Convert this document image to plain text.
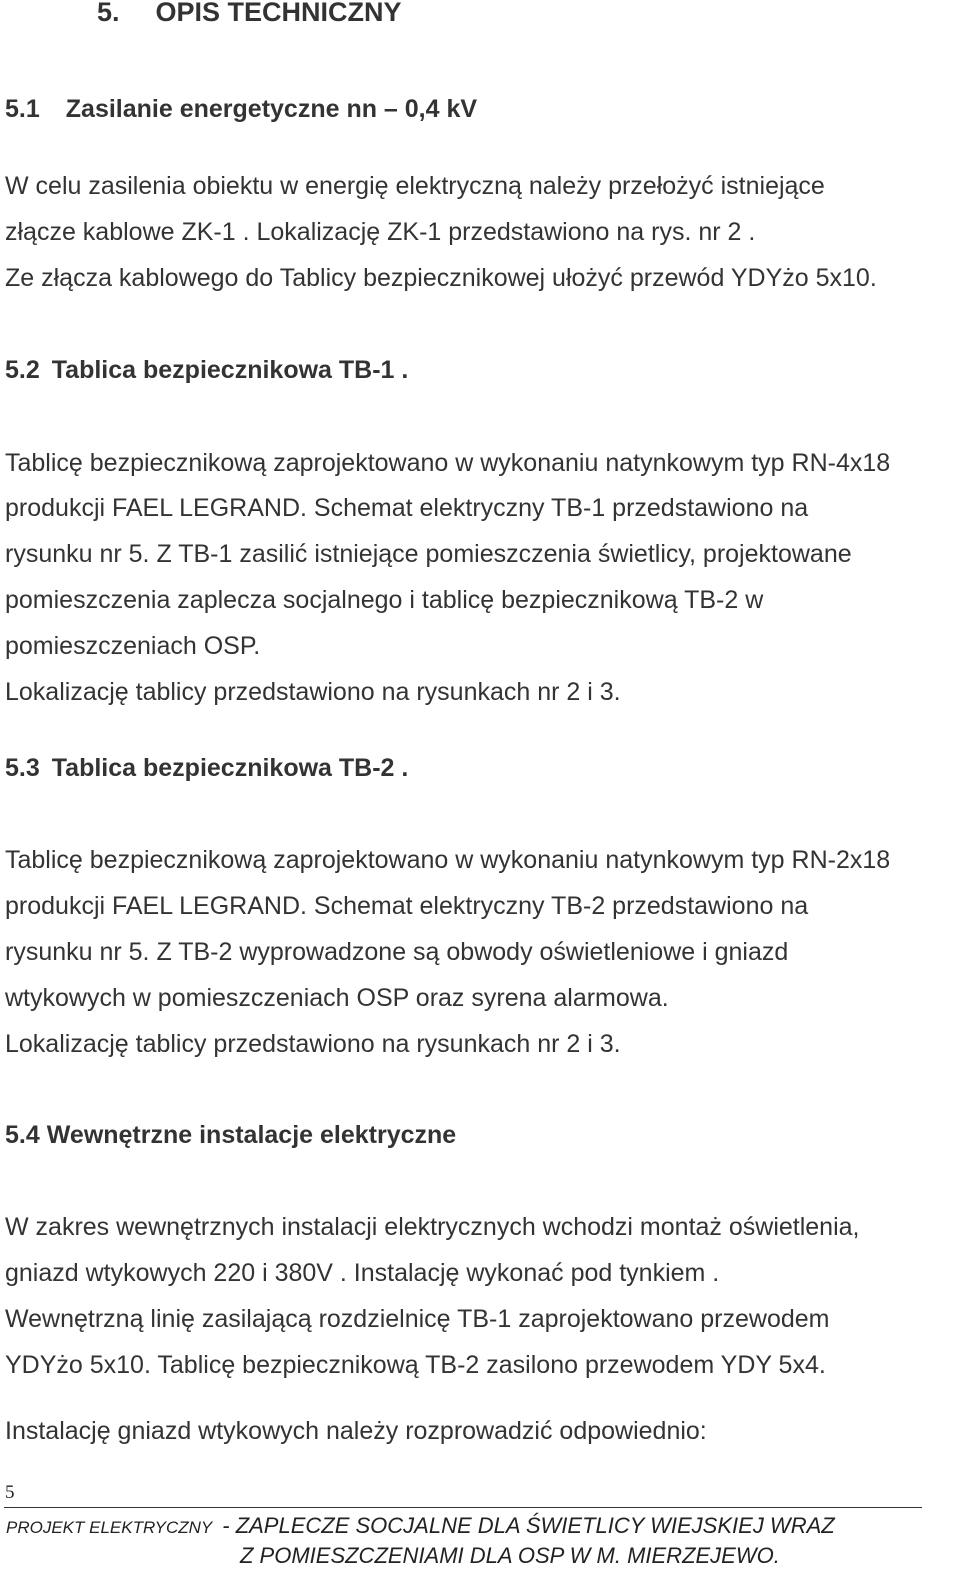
5. OPIS TECHNICZNY
5.1 Zasilanie energetyczne nn – 0,4 kV
W celu zasilenia obiektu w energię elektryczną należy przełożyć istniejące
złącze kablowe ZK-1 . Lokalizację ZK-1 przedstawiono na rys. nr 2 .
Ze złącza kablowego do Tablicy bezpiecznikowej ułożyć przewód YDYżo 5x10.
5.2 Tablica bezpiecznikowa TB-1 .
Tablicę bezpiecznikową zaprojektowano w wykonaniu natynkowym typ RN-4x18
produkcji FAEL LEGRAND. Schemat elektryczny TB-1 przedstawiono na
rysunku nr 5. Z TB-1 zasilić istniejące pomieszczenia świetlicy, projektowane
pomieszczenia zaplecza socjalnego i tablicę bezpiecznikową TB-2 w
pomieszczeniach OSP.
Lokalizację tablicy przedstawiono na rysunkach nr 2 i 3.
5.3 Tablica bezpiecznikowa TB-2 .
Tablicę bezpiecznikową zaprojektowano w wykonaniu natynkowym typ RN-2x18
produkcji FAEL LEGRAND. Schemat elektryczny TB-2 przedstawiono na
rysunku nr 5. Z TB-2 wyprowadzone są obwody oświetleniowe i gniazd
wtykowych w pomieszczeniach OSP oraz syrena alarmowa.
Lokalizację tablicy przedstawiono na rysunkach nr 2 i 3.
5.4 Wewnętrzne instalacje elektryczne
W zakres wewnętrznych instalacji elektrycznych wchodzi montaż oświetlenia,
gniazd wtykowych 220 i 380V . Instalację wykonać pod tynkiem .
Wewnętrzną linię zasilającą rozdzielnicę TB-1 zaprojektowano przewodem
YDYżo 5x10. Tablicę bezpiecznikową TB-2 zasilono przewodem YDY 5x4.
Instalację gniazd wtykowych należy rozprowadzić odpowiednio:
5
PROJEKT ELEKTRYCZNY - ZAPLECZE SOCJALNE DLA ŚWIETLICY WIEJSKIEJ WRAZ
Z POMIESZCZENIAMI DLA OSP W M. MIERZEJEWO.
